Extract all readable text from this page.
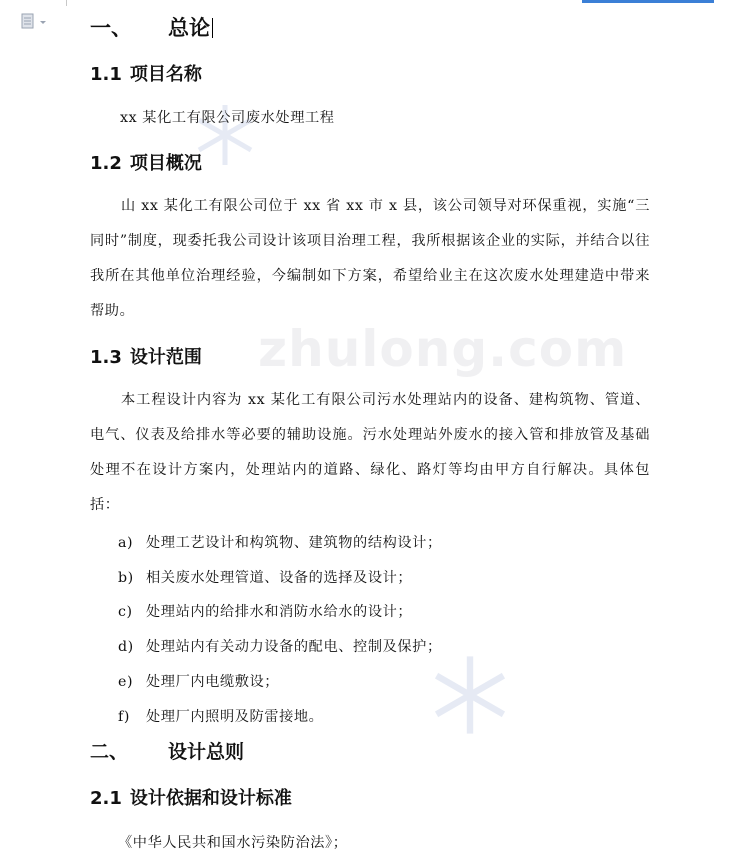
zhulong.com
一、 总论
1.1 项目名称
xx 某化工有限公司废水处理工程
1.2 项目概况
山 xx 某化工有限公司位于 xx 省 xx 市 x 县，该公司领导对环保重视，实施“三同时”制度，现委托我公司设计该项目治理工程，我所根据该企业的实际，并结合以往我所在其他单位治理经验，今编制如下方案，希望给业主在这次废水处理建造中带来帮助。
1.3 设计范围
本工程设计内容为 xx 某化工有限公司污水处理站内的设备、建构筑物、管道、电气、仪表及给排水等必要的辅助设施。污水处理站外废水的接入管和排放管及基础处理不在设计方案内，处理站内的道路、绿化、路灯等均由甲方自行解决。具体包括：
a) 处理工艺设计和构筑物、建筑物的结构设计；
b) 相关废水处理管道、设备的选择及设计；
c) 处理站内的给排水和消防水给水的设计；
d) 处理站内有关动力设备的配电、控制及保护；
e) 处理厂内电缆敷设；
f) 处理厂内照明及防雷接地。
二、 设计总则
2.1 设计依据和设计标准
《中华人民共和国水污染防治法》；
